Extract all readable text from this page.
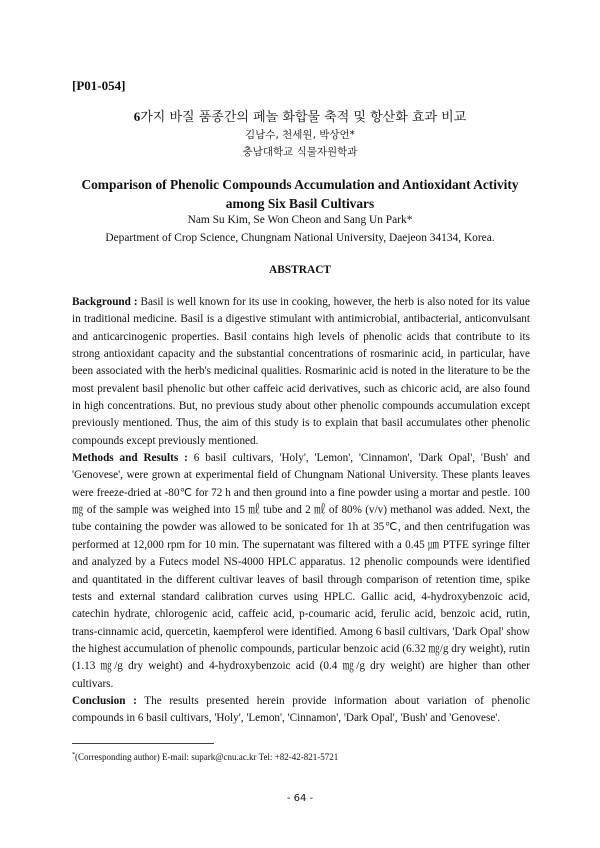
[P01-054]
6가지 바질 품종간의 페놀 화합물 축적 및 항산화 효과 비교
김남수, 천세원, 박상언*
충남대학교 식물자원학과
Comparison of Phenolic Compounds Accumulation and Antioxidant Activity
among Six Basil Cultivars
Nam Su Kim, Se Won Cheon and Sang Un Park*
Department of Crop Science, Chungnam National University, Daejeon 34134, Korea.
ABSTRACT

Background : Basil is well known for its use in cooking, however, the herb is also noted for its value in traditional medicine. Basil is a digestive stimulant with antimicrobial, antibacterial, anticonvulsant and anticarcinogenic properties. Basil contains high levels of phenolic acids that contribute to its strong antioxidant capacity and the substantial concentrations of rosmarinic acid, in particular, have been associated with the herb's medicinal qualities. Rosmarinic acid is noted in the literature to be the most prevalent basil phenolic but other caffeic acid derivatives, such as chicoric acid, are also found in high concentrations. But, no previous study about other phenolic compounds accumulation except previously mentioned. Thus, the aim of this study is to explain that basil accumulates other phenolic compounds except previously mentioned.

Methods and Results : 6 basil cultivars, 'Holy', 'Lemon', 'Cinnamon', 'Dark Opal', 'Bush' and 'Genovese', were grown at experimental field of Chungnam National University. These plants leaves were freeze-dried at -80℃ for 72 h and then ground into a fine powder using a mortar and pestle. 100 ㎎ of the sample was weighed into 15 ㎖ tube and 2 ㎖ of 80% (v/v) methanol was added. Next, the tube containing the powder was allowed to be sonicated for 1h at 35℃, and then centrifugation was performed at 12,000 rpm for 10 min. The supernatant was filtered with a 0.45 ㎛ PTFE syringe filter and analyzed by a Futecs model NS-4000 HPLC apparatus. 12 phenolic compounds were identified and quantitated in the different cultivar leaves of basil through comparison of retention time, spike tests and external standard calibration curves using HPLC. Gallic acid, 4-hydroxybenzoic acid, catechin hydrate, chlorogenic acid, caffeic acid, p-coumaric acid, ferulic acid, benzoic acid, rutin, trans-cinnamic acid, quercetin, kaempferol were identified. Among 6 basil cultivars, 'Dark Opal' show the highest accumulation of phenolic compounds, particular benzoic acid (6.32 ㎎/g dry weight), rutin (1.13 ㎎/g dry weight) and 4-hydroxybenzoic acid (0.4 ㎎/g dry weight) are higher than other cultivars.

Conclusion : The results presented herein provide information about variation of phenolic compounds in 6 basil cultivars, 'Holy', 'Lemon', 'Cinnamon', 'Dark Opal', 'Bush' and 'Genovese'.

*(Corresponding author) E-mail: supark@cnu.ac.kr Tel: +82-42-821-5721
- 64 -
